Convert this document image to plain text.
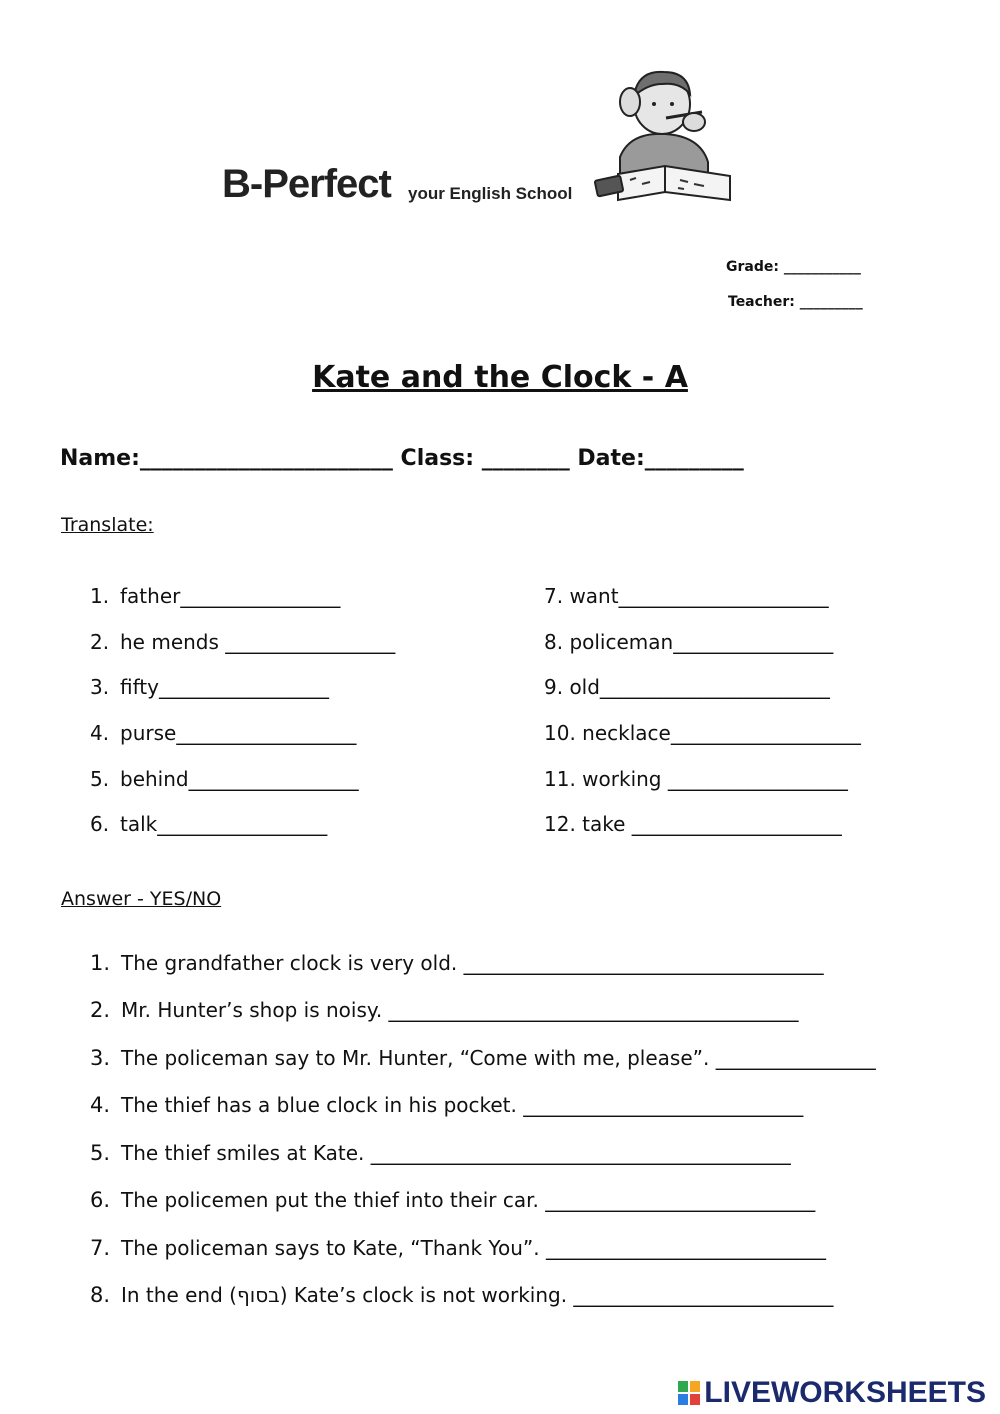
B-Perfect your English School
Grade: ___________
Teacher: _________
Kate and the Clock - A
Name:_______________________ Class: ________ Date:_________
Translate:
1. father________________
2. he mends _________________
3. fifty_________________
4. purse__________________
5. behind_________________
6. talk_________________
7. want_____________________
8. policeman________________
9. old_______________________
10. necklace___________________
11. working __________________
12. take _____________________
Answer - YES/NO
1. The grandfather clock is very old. ____________________________________
2. Mr. Hunter’s shop is noisy. _________________________________________
3. The policeman say to Mr. Hunter, “Come with me, please”. ________________
4. The thief has a blue clock in his pocket. ____________________________
5. The thief smiles at Kate. __________________________________________
6. The policemen put the thief into their car. ___________________________
7. The policeman says to Kate, “Thank You”. ____________________________
8. In the end (בסוף) Kate’s clock is not working. __________________________
LIVEWORKSHEETS
